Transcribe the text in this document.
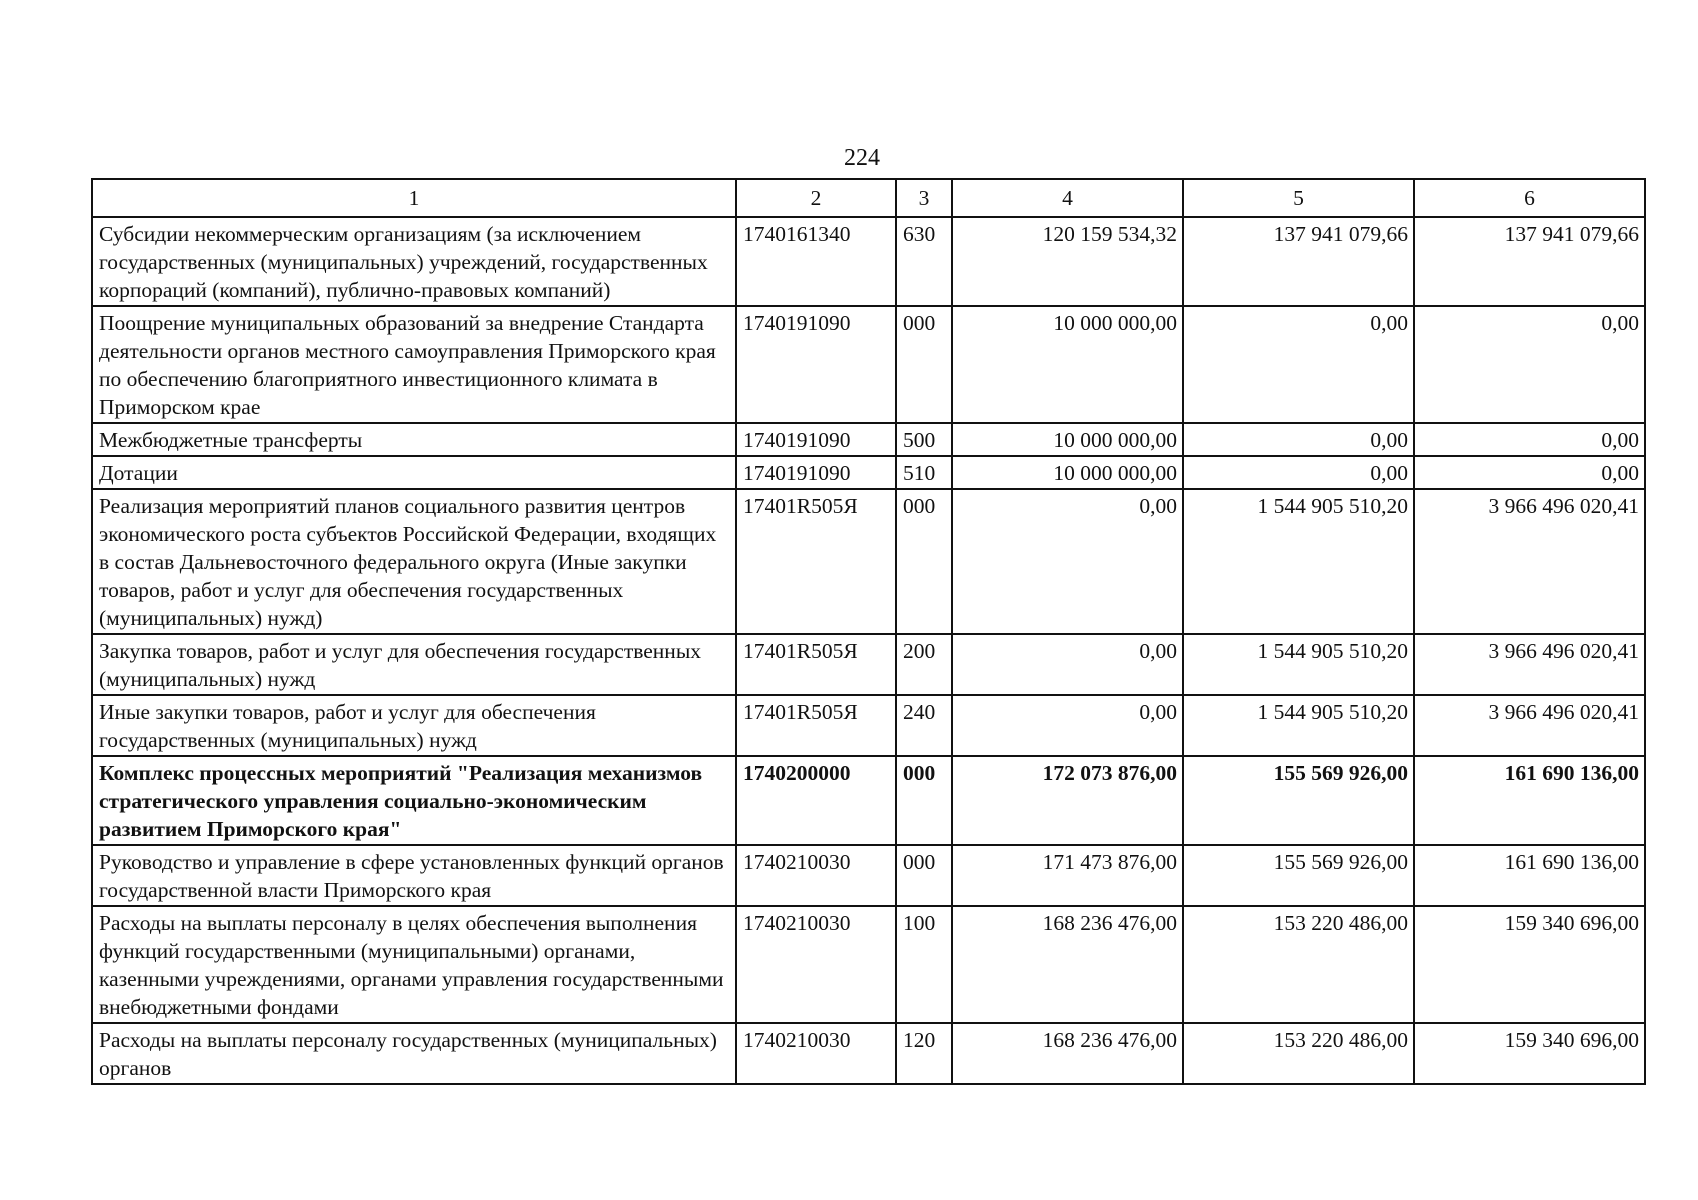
224
1	2	3	4	5	6
Субсидии некоммерческим организациям (за исключением государственных (муниципальных) учреждений, государственных корпораций (компаний), публично-правовых компаний)	1740161340	630	120 159 534,32	137 941 079,66	137 941 079,66
Поощрение муниципальных образований за внедрение Стандарта деятельности органов местного самоуправления Приморского края по обеспечению благоприятного инвестиционного климата в Приморском крае	1740191090	000	10 000 000,00	0,00	0,00
Межбюджетные трансферты	1740191090	500	10 000 000,00	0,00	0,00
Дотации	1740191090	510	10 000 000,00	0,00	0,00
Реализация мероприятий планов социального развития центров экономического роста субъектов Российской Федерации, входящих в состав Дальневосточного федерального округа (Иные закупки товаров, работ и услуг для обеспечения государственных (муниципальных) нужд)	17401R505Я	000	0,00	1 544 905 510,20	3 966 496 020,41
Закупка товаров, работ и услуг для обеспечения государственных (муниципальных) нужд	17401R505Я	200	0,00	1 544 905 510,20	3 966 496 020,41
Иные закупки товаров, работ и услуг для обеспечения государственных (муниципальных) нужд	17401R505Я	240	0,00	1 544 905 510,20	3 966 496 020,41
Комплекс процессных мероприятий "Реализация механизмов стратегического управления социально-экономическим развитием Приморского края"	1740200000	000	172 073 876,00	155 569 926,00	161 690 136,00
Руководство и управление в сфере установленных функций органов государственной власти Приморского края	1740210030	000	171 473 876,00	155 569 926,00	161 690 136,00
Расходы на выплаты персоналу в целях обеспечения выполнения функций государственными (муниципальными) органами, казенными учреждениями, органами управления государственными внебюджетными фондами	1740210030	100	168 236 476,00	153 220 486,00	159 340 696,00
Расходы на выплаты персоналу государственных (муниципальных) органов	1740210030	120	168 236 476,00	153 220 486,00	159 340 696,00
